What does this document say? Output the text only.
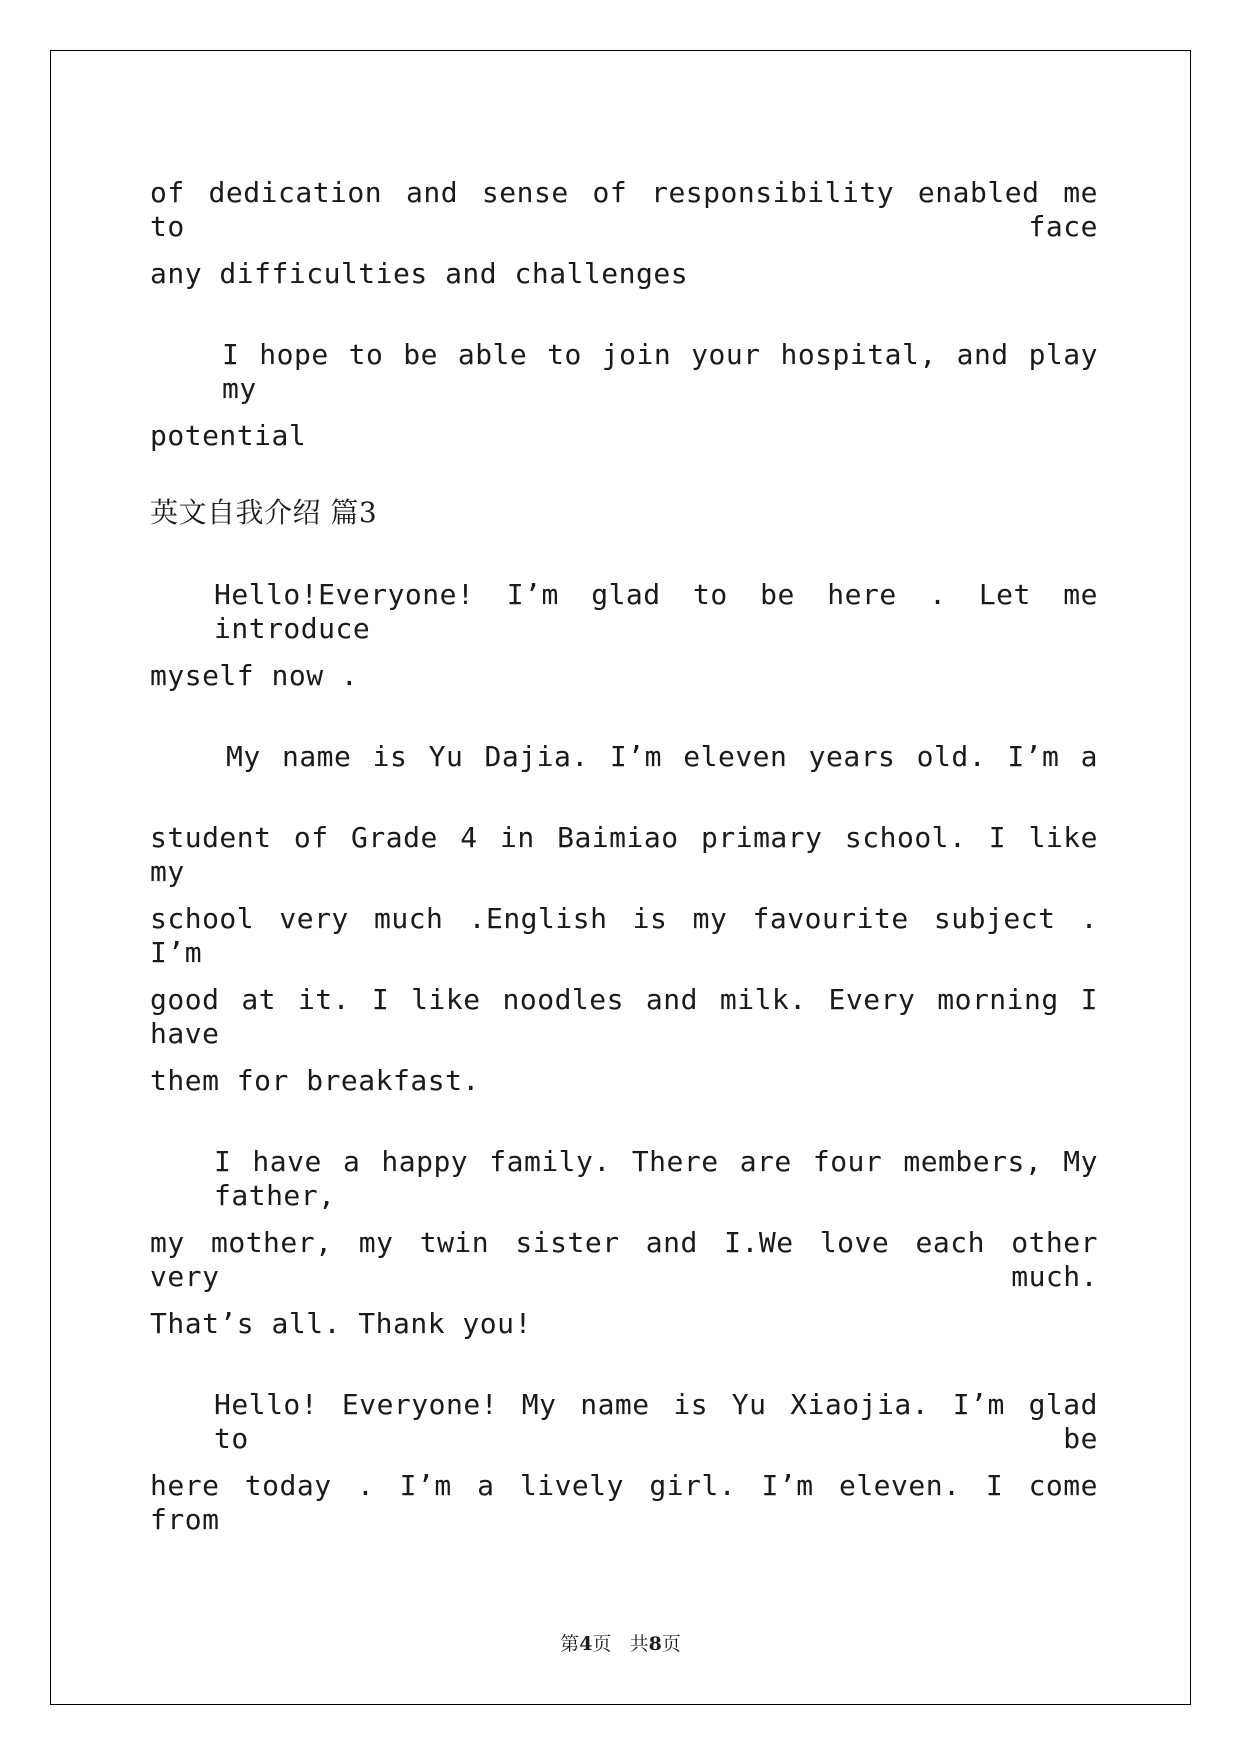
of dedication and sense of responsibility enabled me to face
any difficulties and challenges
I hope to be able to join your hospital, and play my
potential
英文自我介绍 篇3
Hello!Everyone! I’m glad to be here . Let me introduce
myself now .
My name is Yu Dajia. I’m eleven years old. I’m a
student of Grade 4 in Baimiao primary school. I like my
school very much .English is my favourite subject . I’m
good at it. I like noodles and milk. Every morning I have
them for breakfast.
I have a happy family. There are four members, My father,
my mother, my twin sister and I.We love each other very much.
That’s all. Thank you!
Hello! Everyone! My name is Yu Xiaojia. I’m glad to be
here today . I’m a lively girl. I’m eleven. I come from
第4页 共8页
